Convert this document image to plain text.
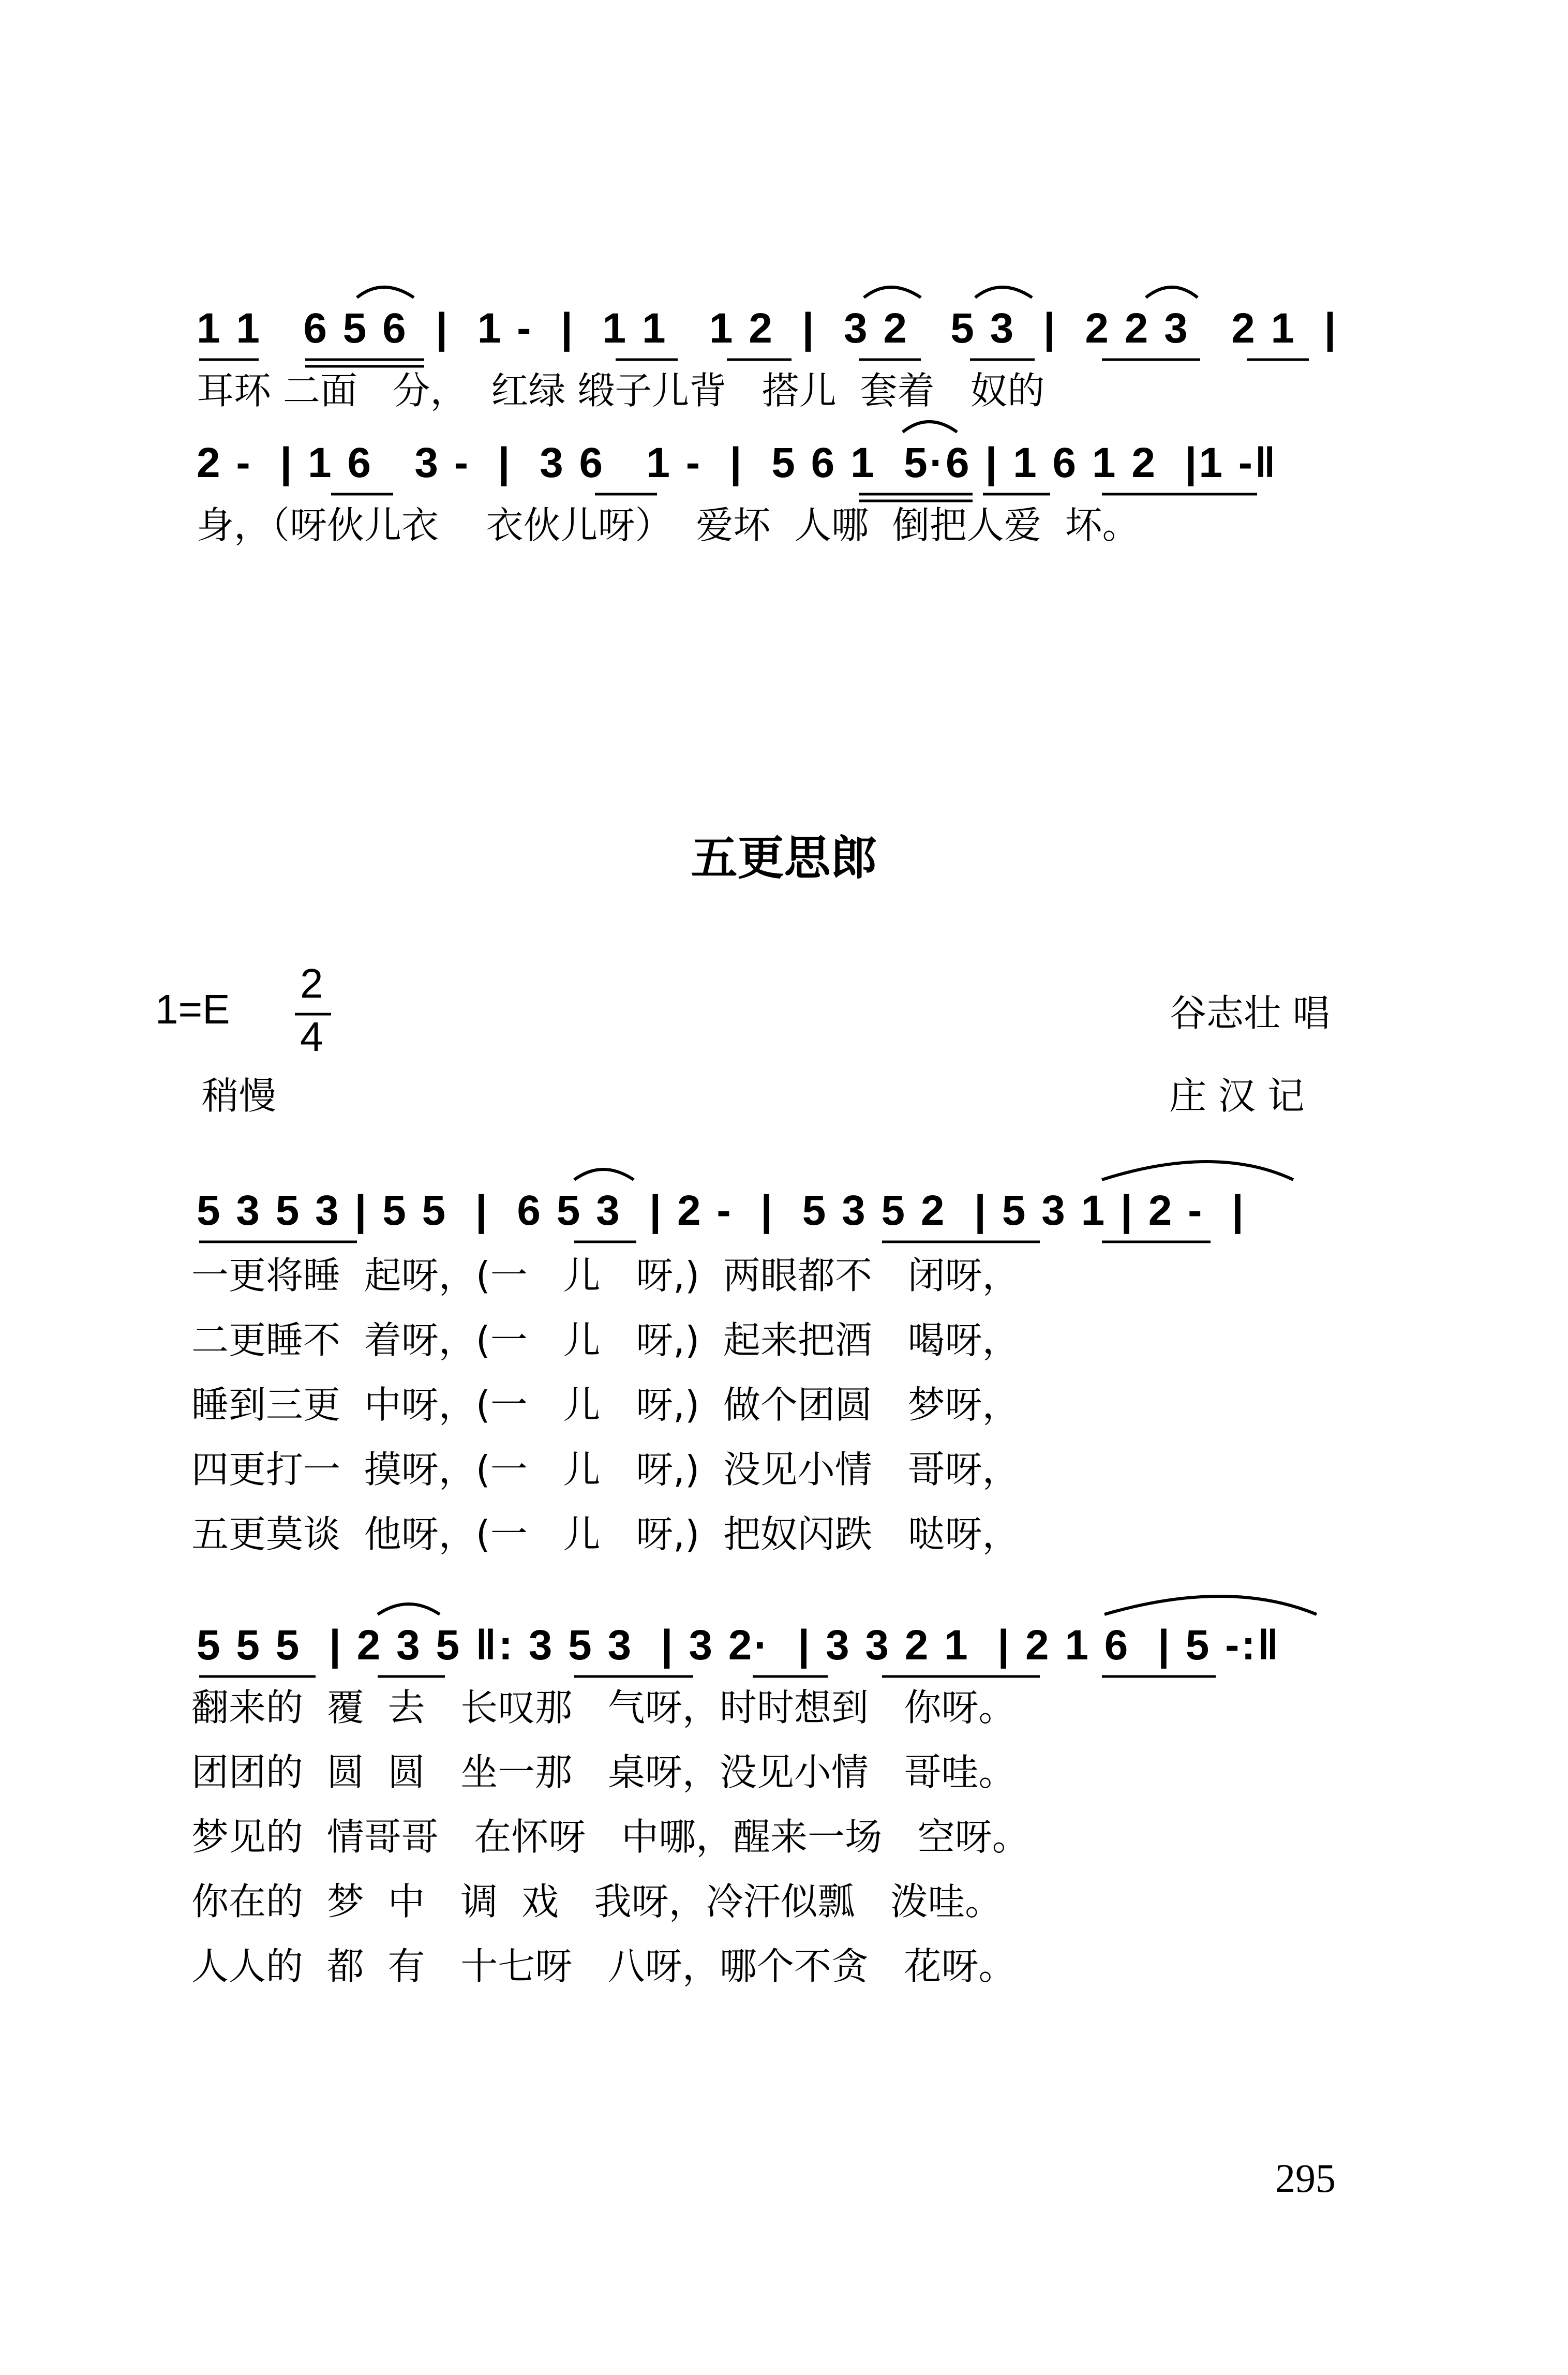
1 1   6 5 6  |  1 -  |  1 1   1 2  |  3 2   5 3  |  2 2 3   2 1  |
耳环 二面   分，  红绿 缎子儿背   搭儿  套着   奴的
2 -  | 1 6   3 -  |  3 6   1 -  |  5 6 1  5·6 | 1 6 1 2  |1 -‖
身，（呀伙儿衣    衣伙儿呀）  爱坏  人哪  倒把人爱  坏。
五更思郎
1=E
2
4
稍慢
谷志壮 唱
庄 汉 记
5 3 5 3 | 5 5  |  6 5 3  | 2 -  |  5 3 5 2  | 5 3 1 | 2 -  |
一更将睡  起呀，(一   儿   呀,)  两眼都不   闭呀，
二更睡不  着呀，(一   儿   呀,)  起来把酒   喝呀，
睡到三更  中呀，(一   儿   呀,)  做个团圆   梦呀，
四更打一  摸呀，(一   儿   呀,)  没见小情   哥呀，
五更莫谈  他呀，(一   儿   呀,)  把奴闪跌   哒呀，
5 5 5  | 2 3 5 ‖: 3 5 3  | 3 2·  | 3 3 2 1  | 2 1 6  | 5 -:‖
翻来的  覆  去   长叹那   气呀，时时想到   你呀。
团团的  圆  圆   坐一那   桌呀，没见小情   哥哇。
梦见的  情哥哥   在怀呀   中哪，醒来一场   空呀。
你在的  梦  中   调  戏   我呀，冷汗似瓢   泼哇。
人人的  都  有   十七呀   八呀，哪个不贪   花呀。
295
